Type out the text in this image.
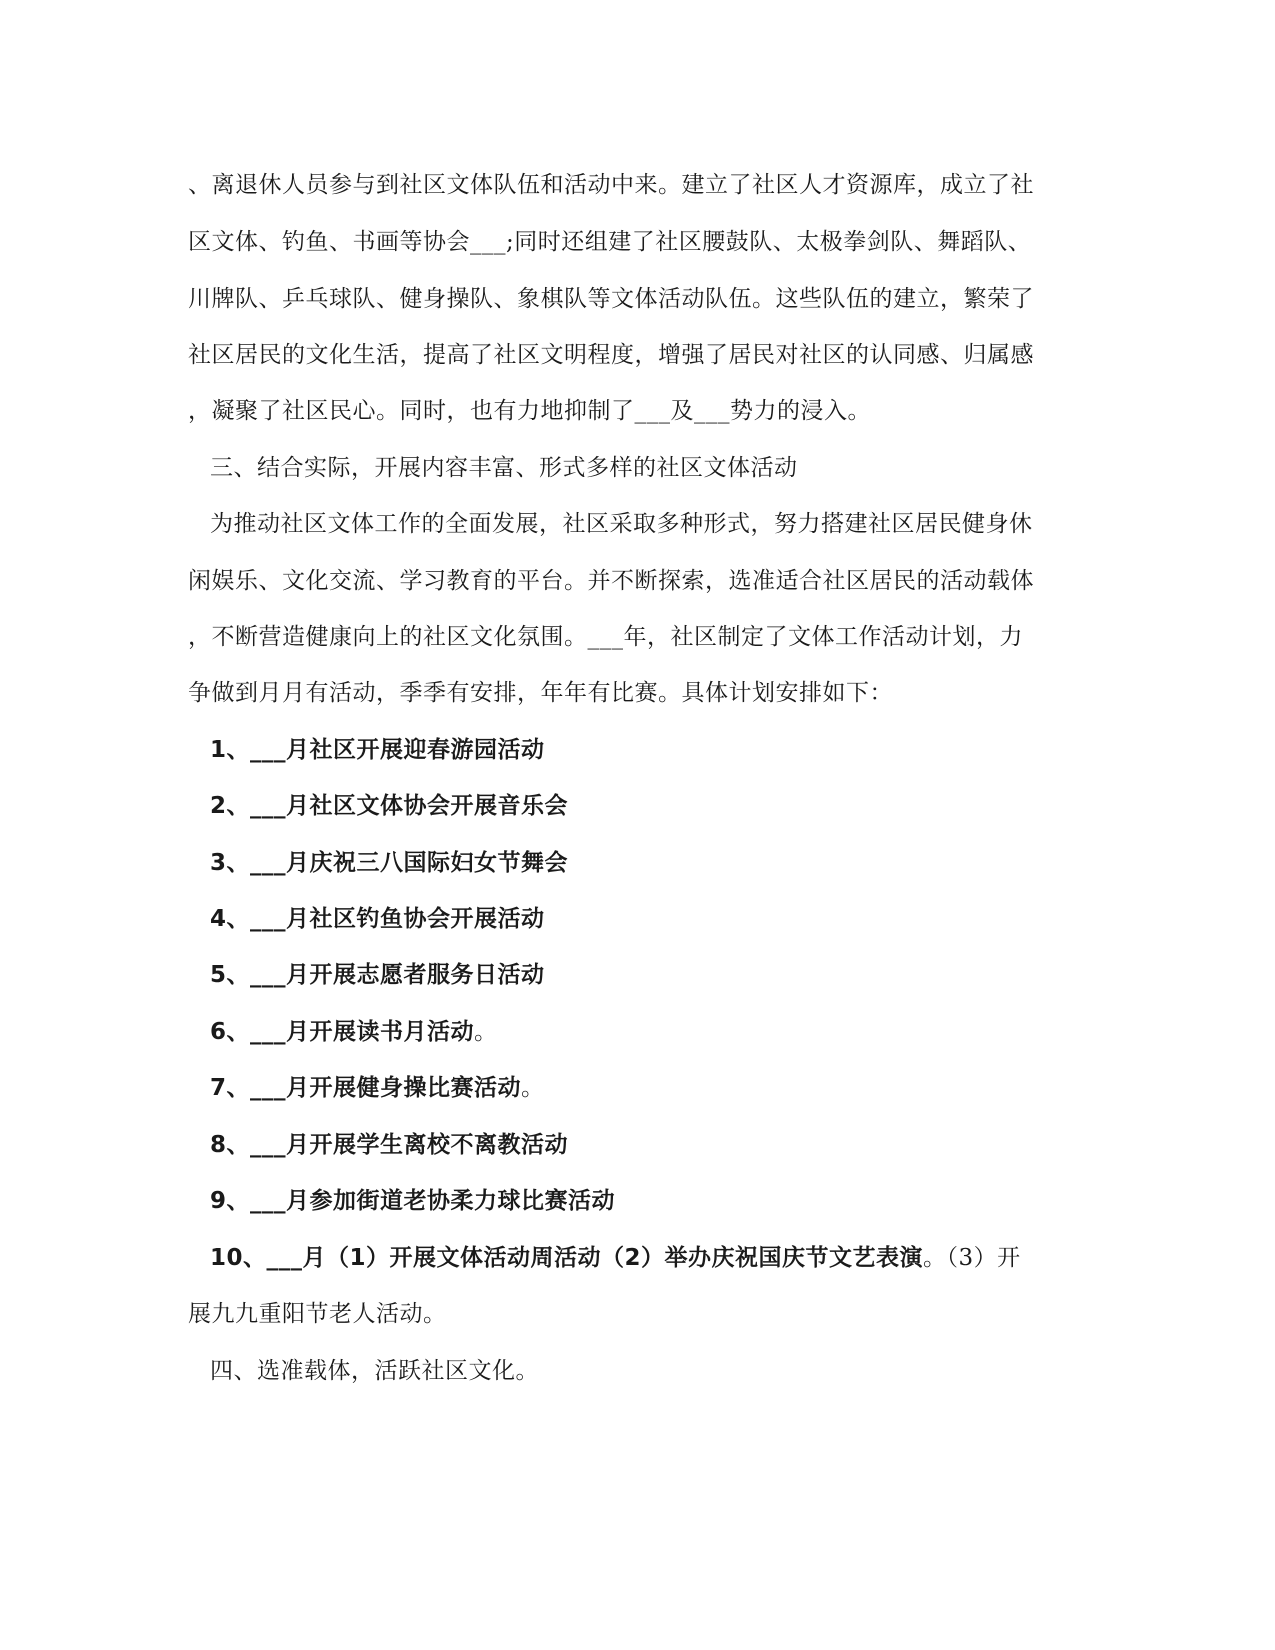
、离退休人员参与到社区文体队伍和活动中来。建立了社区人才资源库，成立了社
区文体、钓鱼、书画等协会___;同时还组建了社区腰鼓队、太极拳剑队、舞蹈队、
川牌队、乒乓球队、健身操队、象棋队等文体活动队伍。这些队伍的建立，繁荣了
社区居民的文化生活，提高了社区文明程度，增强了居民对社区的认同感、归属感
，凝聚了社区民心。同时，也有力地抑制了___及___势力的浸入。
三、结合实际，开展内容丰富、形式多样的社区文体活动
为推动社区文体工作的全面发展，社区采取多种形式，努力搭建社区居民健身休
闲娱乐、文化交流、学习教育的平台。并不断探索，选准适合社区居民的活动载体
，不断营造健康向上的社区文化氛围。___年，社区制定了文体工作活动计划，力
争做到月月有活动，季季有安排，年年有比赛。具体计划安排如下：
1、___月社区开展迎春游园活动
2、___月社区文体协会开展音乐会
3、___月庆祝三八国际妇女节舞会
4、___月社区钓鱼协会开展活动
5、___月开展志愿者服务日活动
6、___月开展读书月活动。
7、___月开展健身操比赛活动。
8、___月开展学生离校不离教活动
9、___月参加街道老协柔力球比赛活动
10、___月（1）开展文体活动周活动（2）举办庆祝国庆节文艺表演。（3）开
展九九重阳节老人活动。
四、选准载体，活跃社区文化。
